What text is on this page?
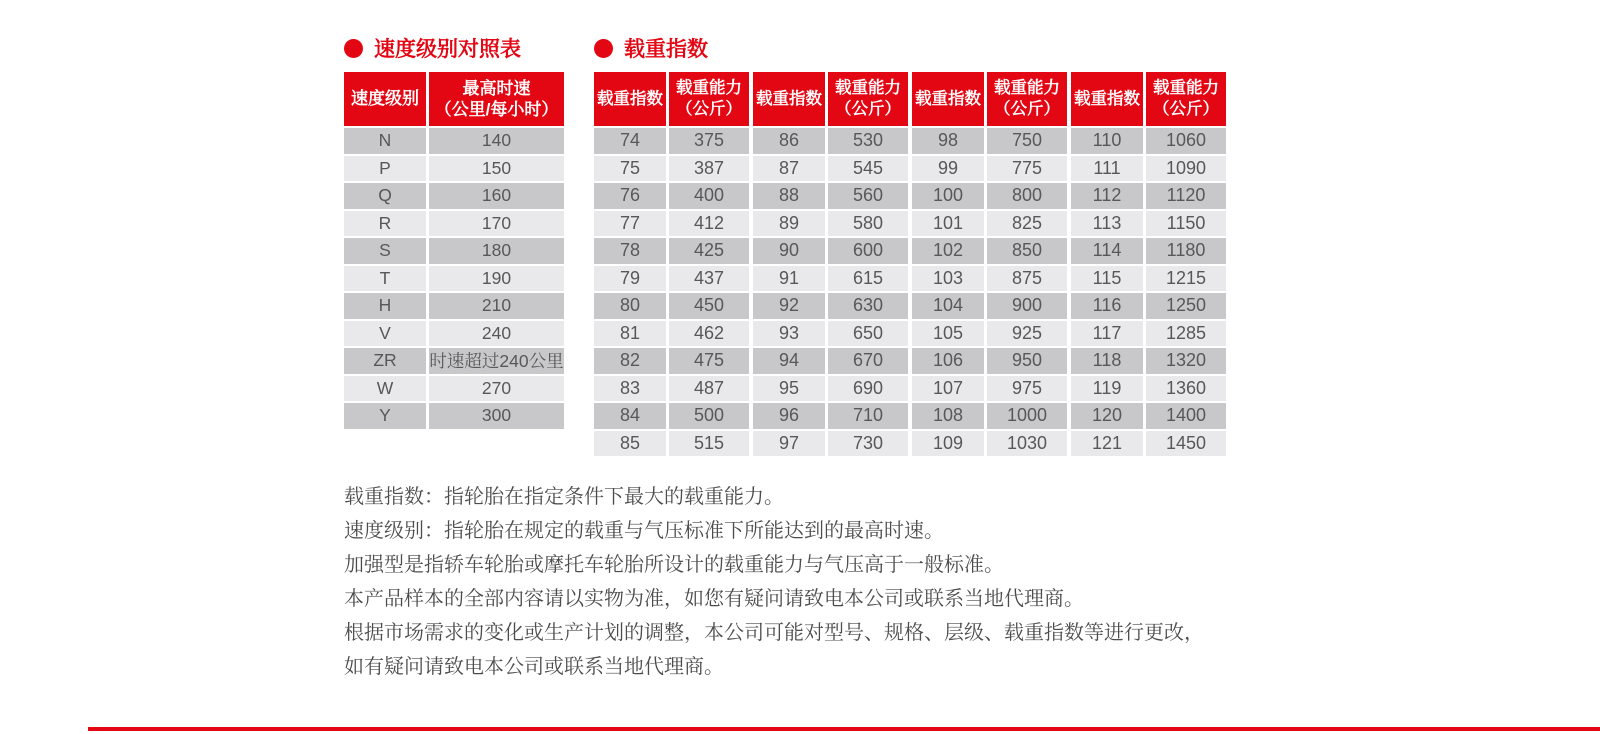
速度级别对照表
速度级别	最高时速
（公里/每小时）
N	140
P	150
Q	160
R	170
S	180
T	190
H	210
V	240
ZR	时速超过240公里
W	270
Y	300
载重指数
载重指数	载重能力
（公斤）
74	375
75	387
76	400
77	412
78	425
79	437
80	450
81	462
82	475
83	487
84	500
85	515
载重指数	载重能力
（公斤）
86	530
87	545
88	560
89	580
90	600
91	615
92	630
93	650
94	670
95	690
96	710
97	730
载重指数	载重能力
（公斤）
98	750
99	775
100	800
101	825
102	850
103	875
104	900
105	925
106	950
107	975
108	1000
109	1030
载重指数	载重能力
（公斤）
110	1060
111	1090
112	1120
113	1150
114	1180
115	1215
116	1250
117	1285
118	1320
119	1360
120	1400
121	1450

载重指数：指轮胎在指定条件下最大的载重能力。

速度级别：指轮胎在规定的载重与气压标准下所能达到的最高时速。

加强型是指轿车轮胎或摩托车轮胎所设计的载重能力与气压高于一般标准。

本产品样本的全部内容请以实物为准，如您有疑问请致电本公司或联系当地代理商。

根据市场需求的变化或生产计划的调整，本公司可能对型号、规格、层级、载重指数等进行更改，

如有疑问请致电本公司或联系当地代理商。
